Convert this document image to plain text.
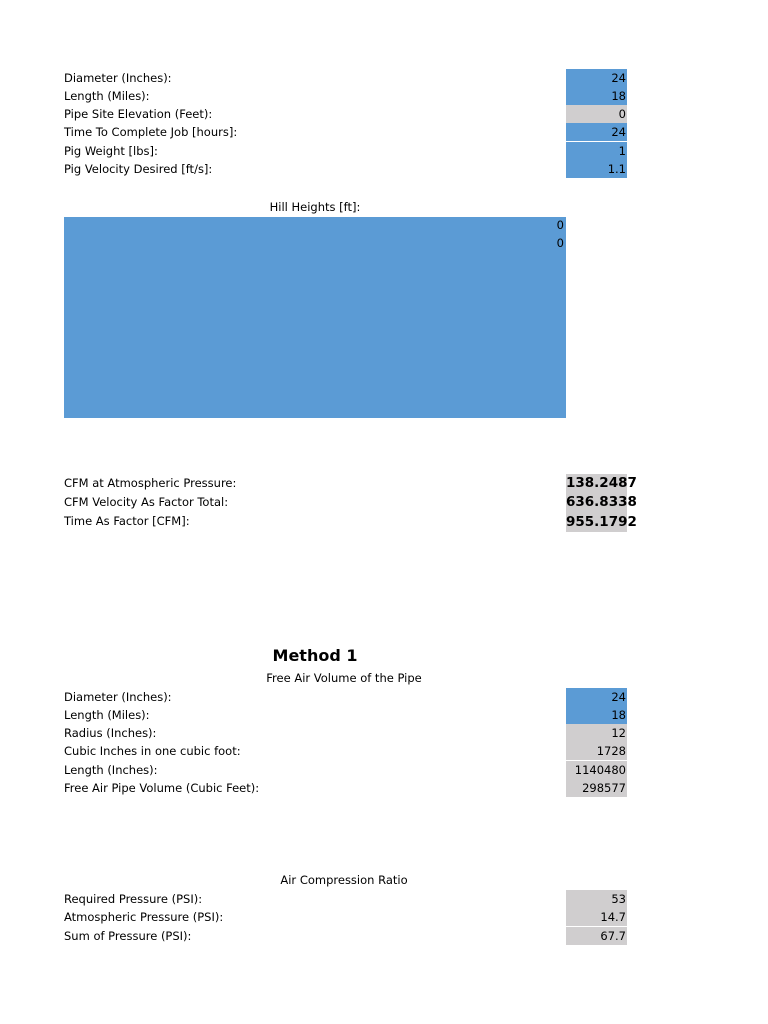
Diameter (Inches):	24
Length (Miles):	18
Pipe Site Elevation (Feet):	0
Time To Complete Job [hours]:	24
Pig Weight [lbs]:	1
Pig Velocity Desired [ft/s]:	1.1
Hill Heights [ft]:
0
0
CFM at Atmospheric Pressure:	138.2487
CFM Velocity As Factor Total:	636.8338
Time As Factor [CFM]:	955.1792
Method 1
Free Air Volume of the Pipe
Diameter (Inches):	24
Length (Miles):	18
Radius (Inches):	12
Cubic Inches in one cubic foot:	1728
Length (Inches):	1140480
Free Air Pipe Volume (Cubic Feet):	298577
Air Compression Ratio
Required Pressure (PSI):	53
Atmospheric Pressure (PSI):	14.7
Sum of Pressure (PSI):	67.7
